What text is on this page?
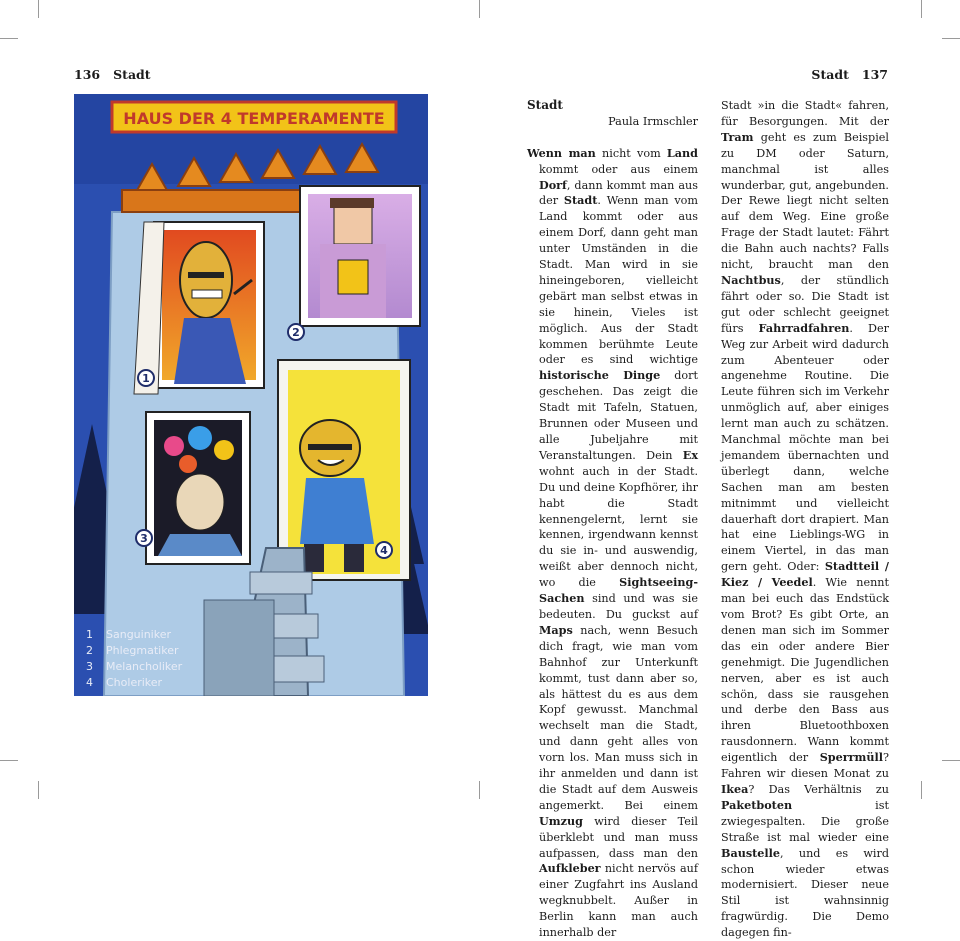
136 Stadt	Stadt 137
HAUS DER 4 TEMPERAMENTE
1
2
3
4
1 Sanguiniker
2 Phlegmatiker
3 Melancholiker
4 Choleriker

Stadt

Paula Irmschler

Wenn man nicht vom Land kommt oder aus einem Dorf, dann kommt man aus der Stadt. Wenn man vom Land kommt oder aus einem Dorf, dann geht man unter Umständen in die Stadt. Man wird in sie hineingeboren, vielleicht gebärt man selbst etwas in sie hinein, Vieles ist möglich. Aus der Stadt kommen berühmte Leute oder es sind wichtige historische Dinge dort geschehen. Das zeigt die Stadt mit Tafeln, Statuen, Brunnen oder Museen und alle Jubeljahre mit Veranstaltungen. Dein Ex wohnt auch in der Stadt. Du und deine Kopfhörer, ihr habt die Stadt kennengelernt, lernt sie kennen, irgendwann kennst du sie in- und auswendig, weißt aber dennoch nicht, wo die Sightseeing-Sachen sind und was sie bedeuten. Du guckst auf Maps nach, wenn Besuch dich fragt, wie man vom Bahnhof zur Unterkunft kommt, tust dann aber so, als hättest du es aus dem Kopf gewusst. Manchmal wechselt man die Stadt, und dann geht alles von vorn los. Man muss sich in ihr anmelden und dann ist die Stadt auf dem Ausweis angemerkt. Bei einem Umzug wird dieser Teil überklebt und man muss aufpassen, dass man den Aufkleber nicht nervös auf einer Zugfahrt ins Ausland wegknubbelt. Außer in Berlin kann man auch innerhalb der

Stadt »in die Stadt« fahren, für Besorgungen. Mit der Tram geht es zum Beispiel zu DM oder Saturn, manchmal ist alles wunderbar, gut, angebunden. Der Rewe liegt nicht selten auf dem Weg. Eine große Frage der Stadt lautet: Fährt die Bahn auch nachts? Falls nicht, braucht man den Nachtbus, der stündlich fährt oder so. Die Stadt ist gut oder schlecht geeignet fürs Fahrradfahren. Der Weg zur Arbeit wird dadurch zum Abenteuer oder angenehme Routine. Die Leute führen sich im Verkehr unmöglich auf, aber einiges lernt man auch zu schätzen. Manchmal möchte man bei jemandem übernachten und überlegt dann, welche Sachen man am besten mitnimmt und vielleicht dauerhaft dort drapiert. Man hat eine Lieblings-WG in einem Viertel, in das man gern geht. Oder: Stadtteil / Kiez / Veedel. Wie nennt man bei euch das Endstück vom Brot? Es gibt Orte, an denen man sich im Sommer das ein oder andere Bier genehmigt. Die Jugendlichen nerven, aber es ist auch schön, dass sie rausgehen und derbe den Bass aus ihren Bluetoothboxen rausdonnern. Wann kommt eigentlich der Sperrmüll? Fahren wir diesen Monat zu Ikea? Das Verhältnis zu Paketboten ist zwiegespalten. Die große Straße ist mal wieder eine Baustelle, und es wird schon wieder etwas modernisiert. Dieser neue Stil ist wahnsinnig fragwürdig. Die Demo dagegen fin-
